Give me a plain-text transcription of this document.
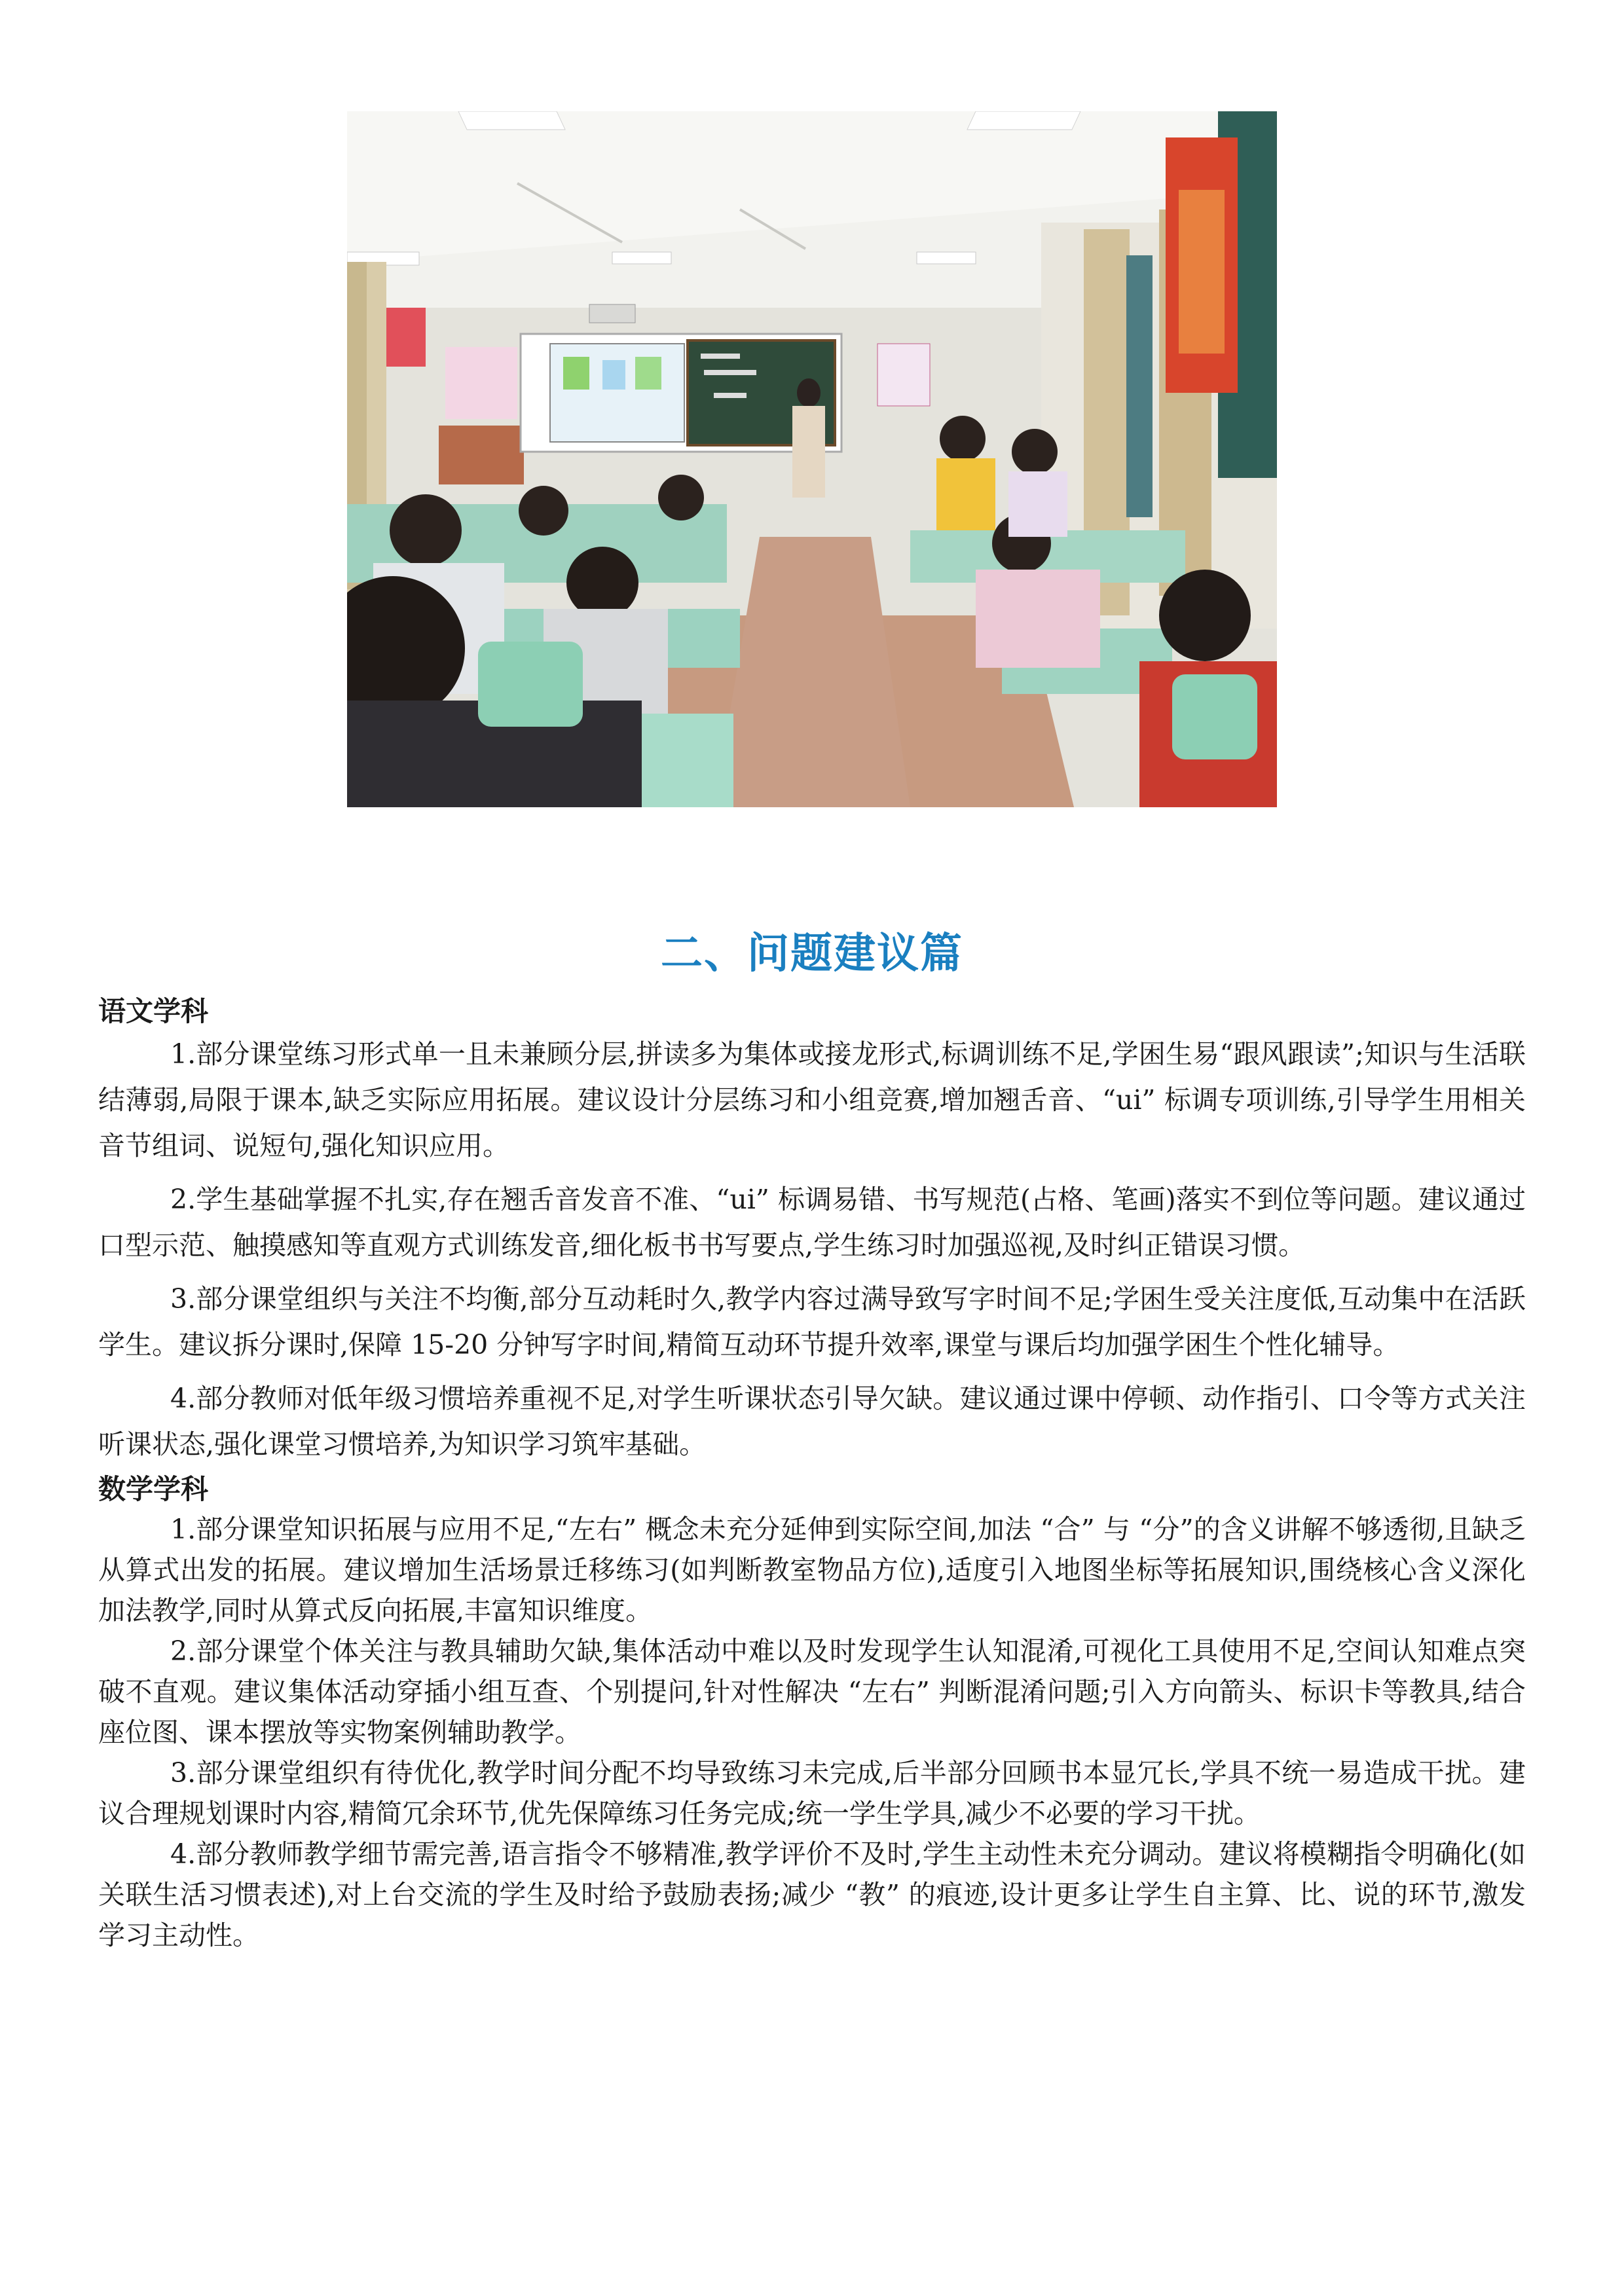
二、问题建议篇

语文学科

1.部分课堂练习形式单一且未兼顾分层,拼读多为集体或接龙形式,标调训练不足,学困生易“跟风跟读”;知识与生活联结薄弱,局限于课本,缺乏实际应用拓展。建议设计分层练习和小组竞赛,增加翘舌音、“ui” 标调专项训练,引导学生用相关音节组词、说短句,强化知识应用。

2.学生基础掌握不扎实,存在翘舌音发音不准、“ui” 标调易错、书写规范(占格、笔画)落实不到位等问题。建议通过口型示范、触摸感知等直观方式训练发音,细化板书书写要点,学生练习时加强巡视,及时纠正错误习惯。

3.部分课堂组织与关注不均衡,部分互动耗时久,教学内容过满导致写字时间不足;学困生受关注度低,互动集中在活跃学生。建议拆分课时,保障 15-20 分钟写字时间,精简互动环节提升效率,课堂与课后均加强学困生个性化辅导。

4.部分教师对低年级习惯培养重视不足,对学生听课状态引导欠缺。建议通过课中停顿、动作指引、口令等方式关注听课状态,强化课堂习惯培养,为知识学习筑牢基础。

数学学科

1.部分课堂知识拓展与应用不足,“左右” 概念未充分延伸到实际空间,加法 “合” 与 “分”的含义讲解不够透彻,且缺乏从算式出发的拓展。建议增加生活场景迁移练习(如判断教室物品方位),适度引入地图坐标等拓展知识,围绕核心含义深化加法教学,同时从算式反向拓展,丰富知识维度。

2.部分课堂个体关注与教具辅助欠缺,集体活动中难以及时发现学生认知混淆,可视化工具使用不足,空间认知难点突破不直观。建议集体活动穿插小组互查、个别提问,针对性解决 “左右” 判断混淆问题;引入方向箭头、标识卡等教具,结合座位图、课本摆放等实物案例辅助教学。

3.部分课堂组织有待优化,教学时间分配不均导致练习未完成,后半部分回顾书本显冗长,学具不统一易造成干扰。建议合理规划课时内容,精简冗余环节,优先保障练习任务完成;统一学生学具,减少不必要的学习干扰。

4.部分教师教学细节需完善,语言指令不够精准,教学评价不及时,学生主动性未充分调动。建议将模糊指令明确化(如关联生活习惯表述),对上台交流的学生及时给予鼓励表扬;减少 “教” 的痕迹,设计更多让学生自主算、比、说的环节,激发学习主动性。
